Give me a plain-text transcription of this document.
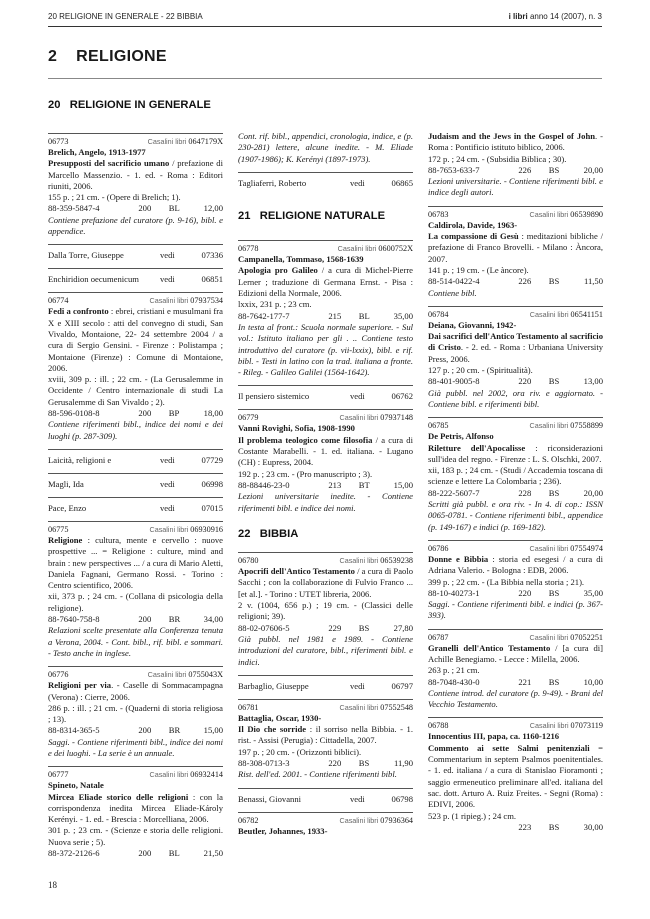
20 RELIGIONE IN GENERALE - 22 BIBBIA	i libri anno 14 (2007), n. 3
2    RELIGIONE
20   RELIGIONE IN GENERALE
06773	Casalini libri 0647179X

Brelich, Angelo, 1913-1977

Presupposti del sacrificio umano / prefazione di Marcello Massenzio. - 1. ed. - Roma : Editori riuniti, 2006.

155 p. ; 21 cm. - (Opere di Brelich; 1).

88-359-5847-4	200 BL	12,00

Contiene prefazione del curatore (p. 9-16), bibl. e appendice.

Dalla Torre, Giuseppe	vedi	07336
Enchiridion oecumenicum vedi	06851
06774	Casalini libri 07937534

Fedi a confronto : ebrei, cristiani e musulmani fra X e XIII secolo : atti del convegno di studi, San Vivaldo, Montaione, 22- 24 settembre 2004 / a cura di Sergio Gensini. - Firenze : Polistampa ; Montaione (Firenze) : Comune di Montaione, 2006.

xviii, 309 p. : ill. ; 22 cm. - (La Gerusalemme in Occidente / Centro internazionale di studi La Gerusalemme di San Vivaldo ; 2).

88-596-0108-8	200 BP	18,00

Contiene riferimenti bibl., indice dei nomi e dei luoghi (p. 287-309).

Laicità, religioni e	vedi	07729
Magli, Ida	vedi	06998
Pace, Enzo	vedi	07015
06775	Casalini libri 06930916

Religione : cultura, mente e cervello : nuove prospettive ... = Religione : culture, mind and brain : new perspectives ... / a cura di Mario Aletti, Daniela Fagnani, Germano Rossi. - Torino : Centro scientifico, 2006.

xii, 373 p. ; 24 cm. - (Collana di psicologia della religione).

88-7640-758-8	200 BR	34,00

Relazioni scelte presentate alla Conferenza tenuta a Verona, 2004. - Cont. bibl., rif. bibl. e sommari. - Testo anche in inglese.

06776	Casalini libri 0755043X

Religioni per via. - Caselle di Sommacampagna (Verona) : Cierre, 2006.

286 p. : ill. ; 21 cm. - (Quaderni di storia religiosa ; 13).

88-8314-365-5	200 BR	15,00

Saggi. - Contiene riferimenti bibl., indice dei nomi e dei luoghi. - La serie è un annuale.

06777	Casalini libri 06932414

Spineto, Natale

Mircea Eliade storico delle religioni : con la corrispondenza inedita Mircea Eliade-Károly Kerényi. - 1. ed. - Brescia : Morcelliana, 2006.

301 p. ; 23 cm. - (Scienze e storia delle religioni. Nuova serie ; 5).

88-372-2126-6	200 BL	21,50

Cont. rif. bibl., appendici, cronologia, indice, e (p. 230-281) lettere, alcune inedite. - M. Eliade (1907-1986); K. Kerényi (1897-1973).

Tagliaferri, Roberto	vedi	06865
21   RELIGIONE NATURALE
06778	Casalini libri 0600752X

Campanella, Tommaso, 1568-1639

Apologia pro Galileo / a cura di Michel-Pierre Lerner ; traduzione di Germana Ernst. - Pisa : Edizioni della Normale, 2006.

lxxix, 231 p. ; 23 cm.

88-7642-177-7	215 BL	35,00

In testa al front.: Scuola normale superiore. - Sul vol.: Istituto italiano per gli . .. Contiene testo introduttivo del curatore (p. vii-lxxix), bibl. e rif. bibl. - Testi in latino con la trad. italiana a fronte. - Rileg. - Galileo Galilei (1564-1642).

Il pensiero sistemico	vedi	06762
06779	Casalini libri 07937148

Vanni Rovighi, Sofia, 1908-1990

Il problema teologico come filosofia / a cura di Costante Marabelli. - 1. ed. italiana. - Lugano (CH) : Eupress, 2004.

192 p. ; 23 cm. - (Pro manuscripto ; 3).

88-88446-23-0	213 BT	15,00

Lezioni universitarie inedite. - Contiene riferimenti bibl. e indice dei nomi.

22   BIBBIA
06780	Casalini libri 06539238

Apocrifi dell'Antico Testamento / a cura di Paolo Sacchi ; con la collaborazione di Fulvio Franco ... [et al.]. - Torino : UTET libreria, 2006.

2 v. (1004, 656 p.) ; 19 cm. - (Classici delle religioni; 39).

88-02-07606-5	229 BS	27,80

Già pubbl. nel 1981 e 1989. - Contiene introduzioni del curatore, bibl., riferimenti bibl. e indici.

Barbaglio, Giuseppe	vedi	06797
06781	Casalini libri 07552548

Battaglia, Oscar, 1930-

Il Dio che sorride : il sorriso nella Bibbia. - 1. rist. - Assisi (Perugia) : Cittadella, 2007.

197 p. ; 20 cm. - (Orizzonti biblici).

88-308-0713-3	220 BS	11,90

Rist. dell'ed. 2001. - Contiene riferimenti bibl.

Benassi, Giovanni	vedi	06798
06782	Casalini libri 07936364

Beutler, Johannes, 1933-

Judaism and the Jews in the Gospel of John. - Roma : Pontificio istituto biblico, 2006.

172 p. ; 24 cm. - (Subsidia Biblica ; 30).

88-7653-633-7	226 BS	20,00

Lezioni universitarie. - Contiene riferimenti bibl. e indice degli autori.

06783	Casalini libri 06539890

Caldirola, Davide, 1963-

La compassione di Gesù : meditazioni bibliche / prefazione di Franco Brovelli. - Milano : Àncora, 2007.

141 p. ; 19 cm. - (Le àncore).

88-514-0422-4	226 BS	11,50

Contiene bibl.

06784	Casalini libri 06541151

Deiana, Giovanni, 1942-

Dai sacrifici dell'Antico Testamento al sacrificio di Cristo. - 2. ed. - Roma : Urbaniana University Press, 2006.

127 p. ; 20 cm. - (Spiritualità).

88-401-9005-8	220 BS	13,00

Già pubbl. nel 2002, ora riv. e aggiornato. - Contiene bibl. e riferimenti bibl.

06785	Casalini libri 07558899

De Petris, Alfonso

Riletture dell'Apocalisse : riconsiderazioni sull'idea del regno. - Firenze : L. S. Olschki, 2007.

xii, 183 p. ; 24 cm. - (Studi / Accademia toscana di scienze e lettere La Colombaria ; 236).

88-222-5607-7	228 BS	20,00

Scritti già pubbl. e ora riv. - In 4. di cop.: ISSN 0065-0781. - Contiene riferimenti bibl., appendice (p. 149-167) e indici (p. 169-182).

06786	Casalini libri 07554974

Donne e Bibbia : storia ed esegesi / a cura di Adriana Valerio. - Bologna : EDB, 2006.

399 p. ; 22 cm. - (La Bibbia nella storia ; 21).

88-10-40273-1	220 BS	35,00

Saggi. - Contiene riferimenti bibl. e indici (p. 367-393).

06787	Casalini libri 07052251

Granelli dell'Antico Testamento / [a cura di] Achille Benegiamo. - Lecce : Milella, 2006.

263 p. ; 21 cm.

88-7048-430-0	221 BS	10,00

Contiene introd. del curatore (p. 9-49). - Brani del Vecchio Testamento.

06788	Casalini libri 07073119

Innocentius III, papa, ca. 1160-1216

Commento ai sette Salmi penitenziali = Commentarium in septem Psalmos poenitentiales. - 1. ed. italiana / a cura di Stanislao Fioramonti ; saggio ermeneutico preliminare all'ed. italiana del sac. dott. Arturo A. Ruiz Freites. - Segni (Roma) : EDIVI, 2006.

523 p. (1 ripieg.) ; 24 cm.

223 BS	30,00
18
